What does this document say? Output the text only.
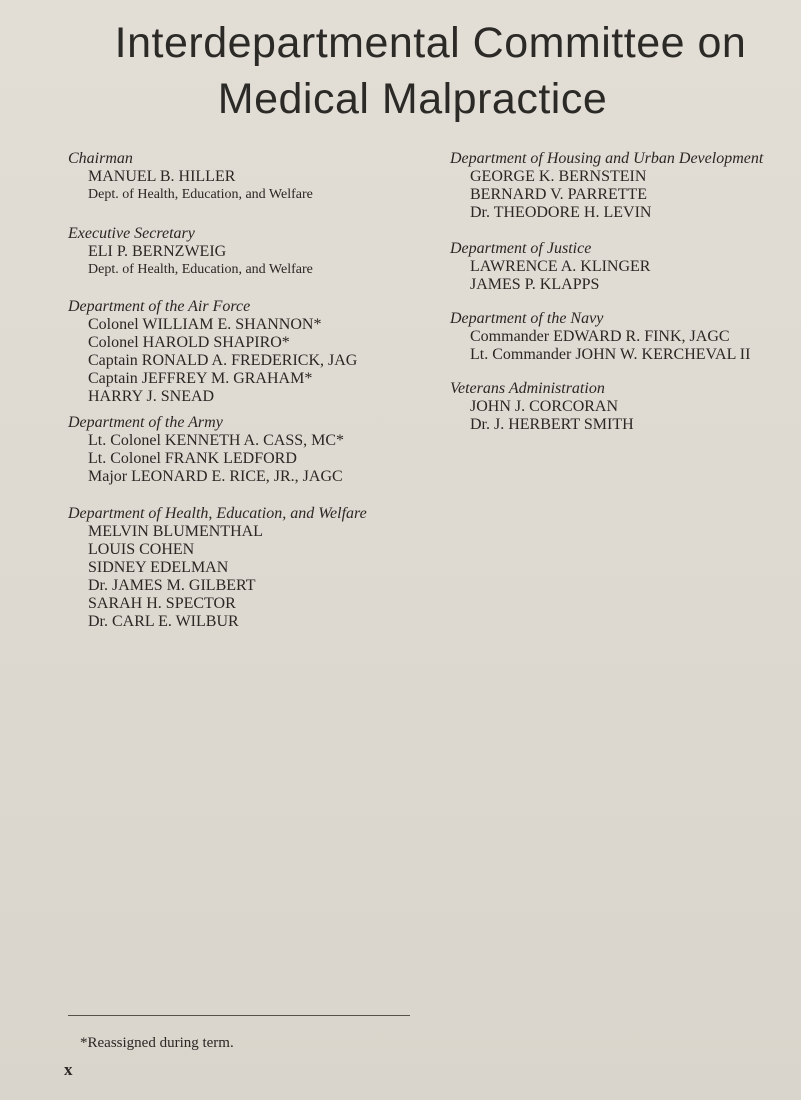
Interdepartmental Committee on
Medical Malpractice

Chairman

MANUEL B. HILLER
Dept. of Health, Education, and Welfare

Executive Secretary

ELI P. BERNZWEIG
Dept. of Health, Education, and Welfare

Department of the Air Force

Colonel WILLIAM E. SHANNON*
Colonel HAROLD SHAPIRO*
Captain RONALD A. FREDERICK, JAG
Captain JEFFREY M. GRAHAM*
HARRY J. SNEAD

Department of the Army

Lt. Colonel KENNETH A. CASS, MC*
Lt. Colonel FRANK LEDFORD
Major LEONARD E. RICE, JR., JAGC

Department of Health, Education, and Welfare

MELVIN BLUMENTHAL
LOUIS COHEN
SIDNEY EDELMAN
Dr. JAMES M. GILBERT
SARAH H. SPECTOR
Dr. CARL E. WILBUR

Department of Housing and Urban Development

GEORGE K. BERNSTEIN
BERNARD V. PARRETTE
Dr. THEODORE H. LEVIN

Department of Justice

LAWRENCE A. KLINGER
JAMES P. KLAPPS

Department of the Navy

Commander EDWARD R. FINK, JAGC
Lt. Commander JOHN W. KERCHEVAL II

Veterans Administration

JOHN J. CORCORAN
Dr. J. HERBERT SMITH
*Reassigned during term.
x
